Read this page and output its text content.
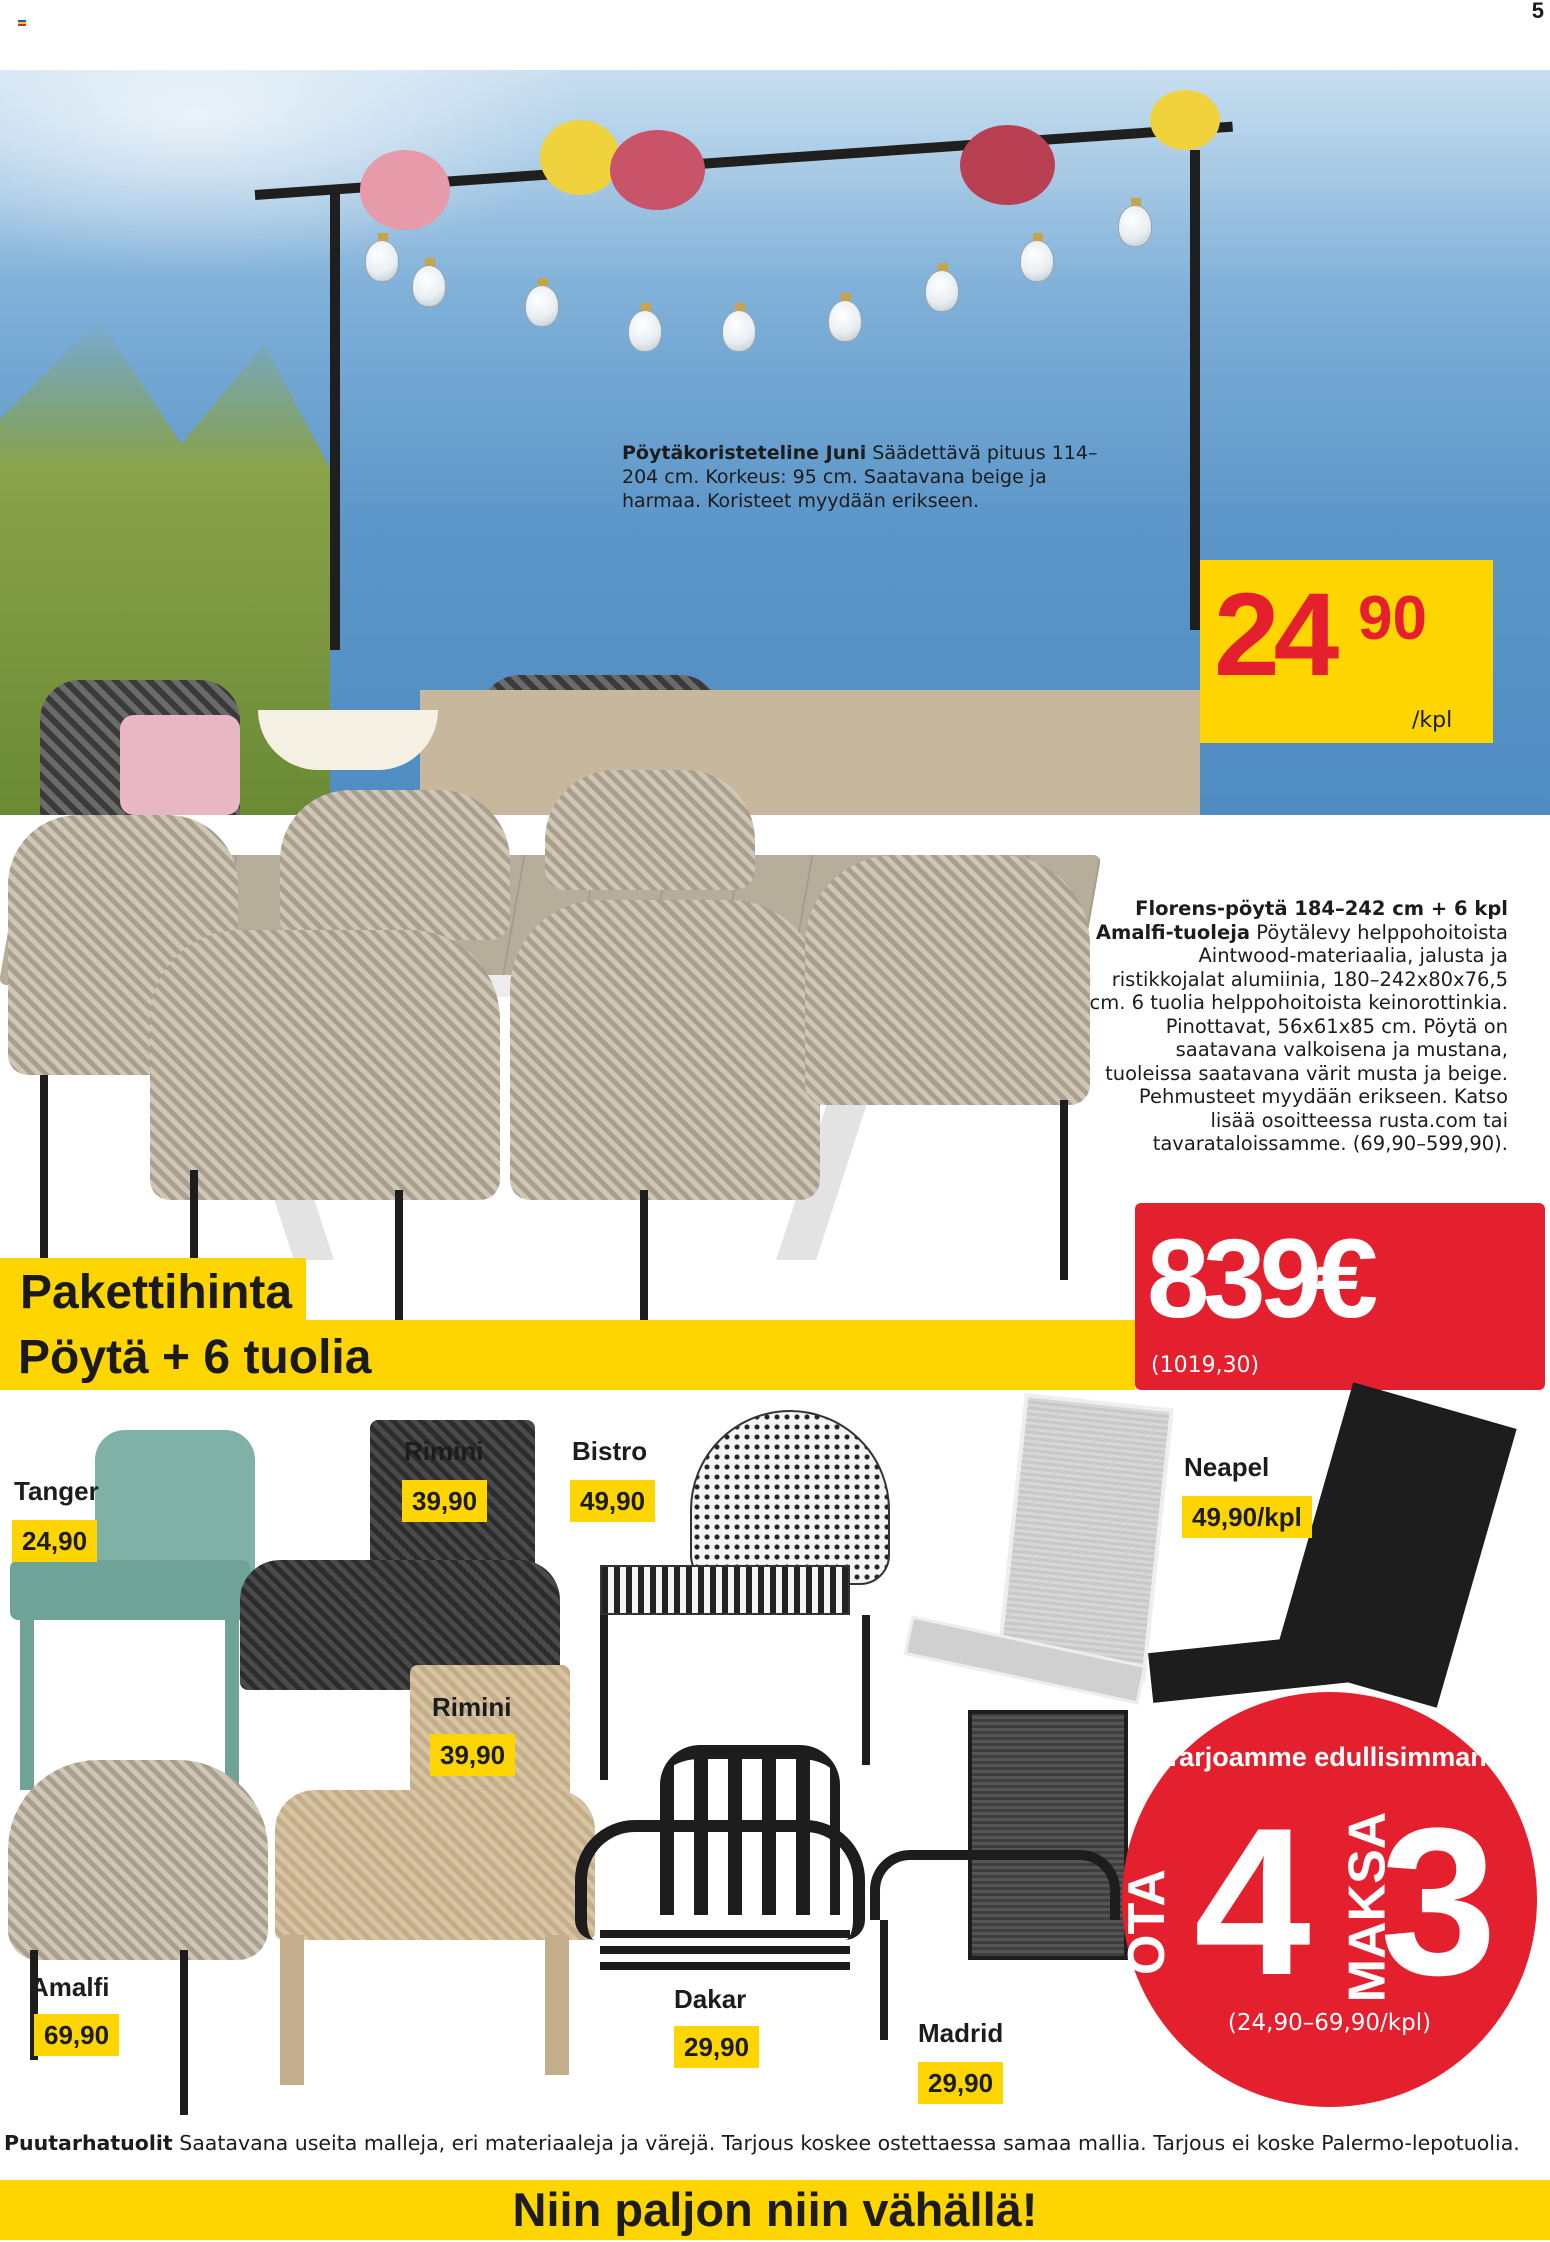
5
Pöytäkoristeteline Juni Säädettävä pituus 114–204 cm. Korkeus: 95 cm. Saatavana beige ja harmaa. Koristeet myydään erikseen.
24 90
/kpl
Florens-pöytä 184–242 cm + 6 kpl Amalfi-tuoleja Pöytälevy helppohoitoista Aintwood-materiaalia, jalusta ja ristikkojalat alumiinia, 180–242x80x76,5 cm. 6 tuolia helppohoitoista keinorottinkia. Pinottavat, 56x61x85 cm. Pöytä on saatavana valkoisena ja mustana, tuoleissa saatavana värit musta ja beige. Pehmusteet myydään erikseen. Katso lisää osoitteessa rusta.com tai tavarataloissamme. (69,90–599,90).
Pakettihinta
Pöytä + 6 tuolia
839€
(1019,30)
Tanger
24,90
Rimini
39,90
Bistro
49,90
Neapel
49,90/kpl
Amalfi
69,90
Rimini
39,90
Dakar
29,90	Madrid
29,90
Tarjoamme edullisimman.
OTA 4 MAKSA
3
(24,90–69,90/kpl)
Puutarhatuolit Saatavana useita malleja, eri materiaaleja ja värejä. Tarjous koskee ostettaessa samaa mallia. Tarjous ei koske Palermo-lepotuolia.
Niin paljon niin vähällä!
